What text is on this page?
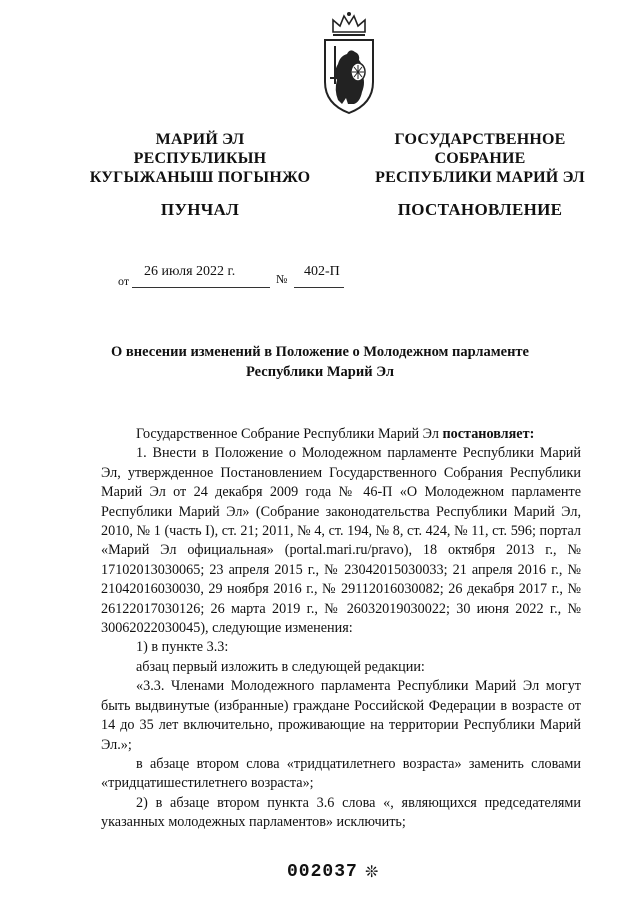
МАРИЙ ЭЛ
РЕСПУБЛИКЫН
КУГЫЖАНЫШ ПОГЫНЖО
ГОСУДАРСТВЕННОЕ
СОБРАНИЕ
РЕСПУБЛИКИ МАРИЙ ЭЛ
ПУНЧАЛ	ПОСТАНОВЛЕНИЕ
от
26 июля 2022 г.	№ 402-П
О внесении изменений в Положение о Молодежном парламенте
Республики Марий Эл

Государственное Собрание Республики Марий Эл постановляет:

1. Внести в Положение о Молодежном парламенте Республики Марий Эл, утвержденное Постановлением Государственного Собрания Республики Марий Эл от 24 декабря 2009 года № 46-П «О Молодежном парламенте Республики Марий Эл» (Собрание законодательства Республики Марий Эл, 2010, № 1 (часть I), ст. 21; 2011, № 4, ст. 194, № 8, ст. 424, № 11, ст. 596; портал «Марий Эл официальная» (portal.mari.ru/pravo), 18 октября 2013 г., № 17102013030065; 23 апреля 2015 г., № 23042015030033; 21 апреля 2016 г., № 21042016030030, 29 ноября 2016 г., № 29112016030082; 26 декабря 2017 г., № 26122017030126; 26 марта 2019 г., № 26032019030022; 30 июня 2022 г., № 30062022030045), следующие изменения:

1) в пункте 3.3:

абзац первый изложить в следующей редакции:

«3.3. Членами Молодежного парламента Республики Марий Эл могут быть выдвинутые (избранные) граждане Российской Федерации в возрасте от 14 до 35 лет включительно, проживающие на территории Республики Марий Эл.»;

в абзаце втором слова «тридцатилетнего возраста» заменить словами «тридцатишестилетнего возраста»;

2) в абзаце втором пункта 3.6 слова «, являющихся председателями указанных молодежных парламентов» исключить;

002037 ❊
